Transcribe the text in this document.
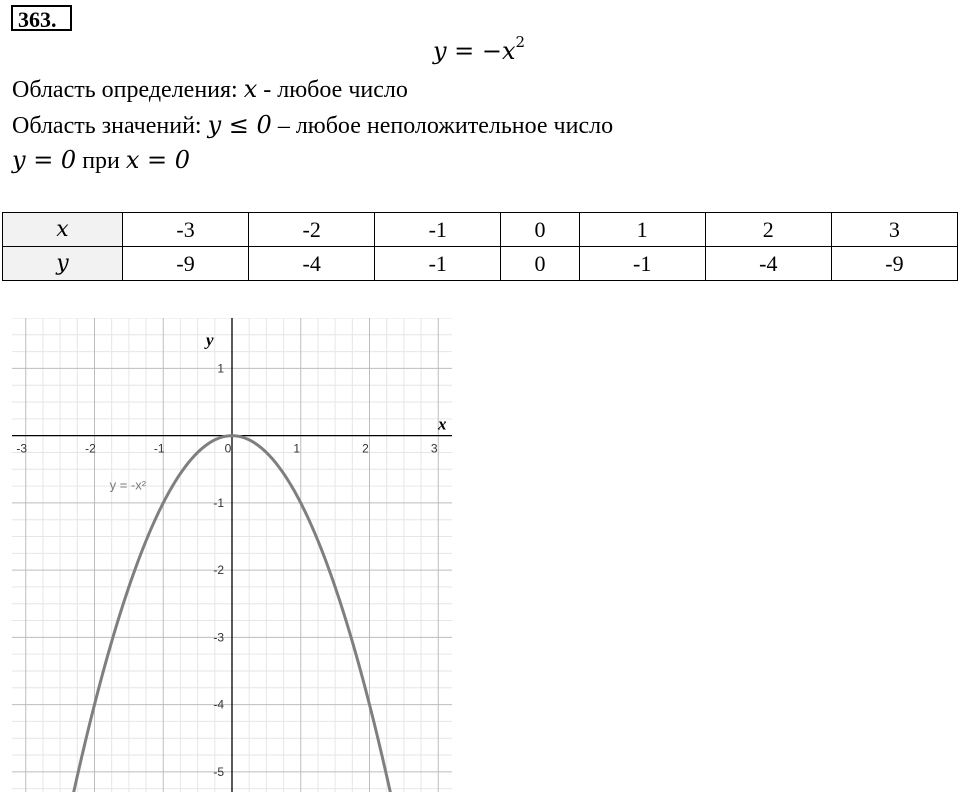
363.
$y = -x^2$
Область определения: x - любое число
Область значений: y ≤ 0 – любое неположительное число
y = 0 при x = 0
x	-3	-2	-1	0	1	2	3
y	-9	-4	-1	0	-1	-4	-9
-3	-2	-1	0	1	2	3
1
-1
-2
-3
-4
-5
x
y
y = -x²
